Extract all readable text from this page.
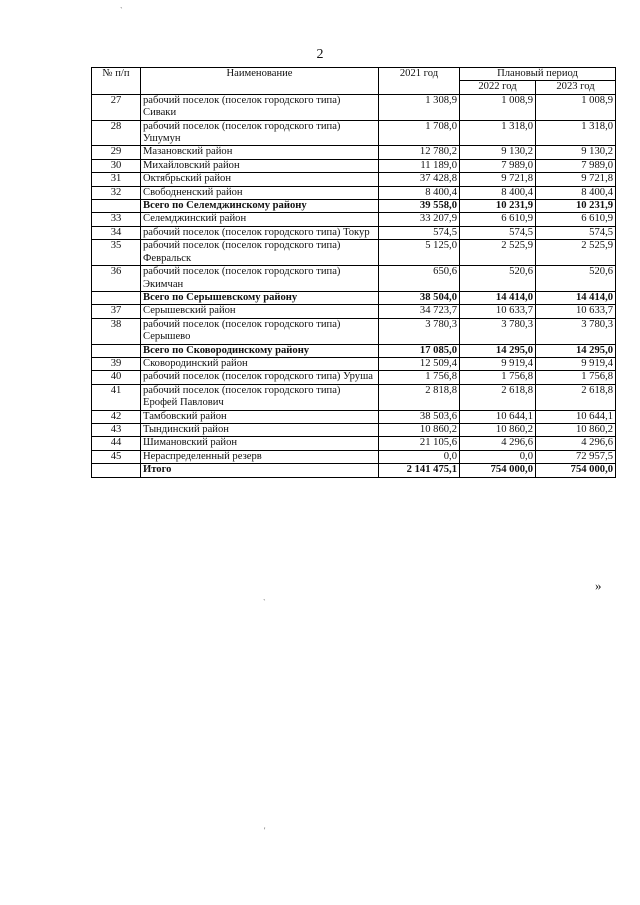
2
№ п/п	Наименование	2021 год	Плановый период	
			2022 год	2023 год
27	рабочий поселок (поселок городского типа) Сиваки	1 308,9	1 008,9	1 008,9
28	рабочий поселок (поселок городского типа) Ушумун	1 708,0	1 318,0	1 318,0
29	Мазановский район	12 780,2	9 130,2	9 130,2
30	Михайловский район	11 189,0	7 989,0	7 989,0
31	Октябрьский район	37 428,8	9 721,8	9 721,8
32	Свободненский район	8 400,4	8 400,4	8 400,4
	Всего по Селемджинскому району	39 558,0	10 231,9	10 231,9
33	Селемджинский район	33 207,9	6 610,9	6 610,9
34	рабочий поселок (поселок городского типа) Токур	574,5	574,5	574,5
35	рабочий поселок (поселок городского типа) Февральск	5 125,0	2 525,9	2 525,9
36	рабочий поселок (поселок городского типа) Экимчан	650,6	520,6	520,6
	Всего по Серышевскому району	38 504,0	14 414,0	14 414,0
37	Серышевский район	34 723,7	10 633,7	10 633,7
38	рабочий поселок (поселок городского типа) Серышево	3 780,3	3 780,3	3 780,3
	Всего по Сковородинскому району	17 085,0	14 295,0	14 295,0
39	Сковородинский район	12 509,4	9 919,4	9 919,4
40	рабочий поселок (поселок городского типа) Уруша	1 756,8	1 756,8	1 756,8
41	рабочий поселок (поселок городского типа) Ерофей Павлович	2 818,8	2 618,8	2 618,8
42	Тамбовский район	38 503,6	10 644,1	10 644,1
43	Тындинский район	10 860,2	10 860,2	10 860,2
44	Шимановский район	21 105,6	4 296,6	4 296,6
45	Нераспределенный резерв	0,0	0,0	72 957,5
	Итого	2 141 475,1	754 000,0	754 000,0
»
`
`
'
